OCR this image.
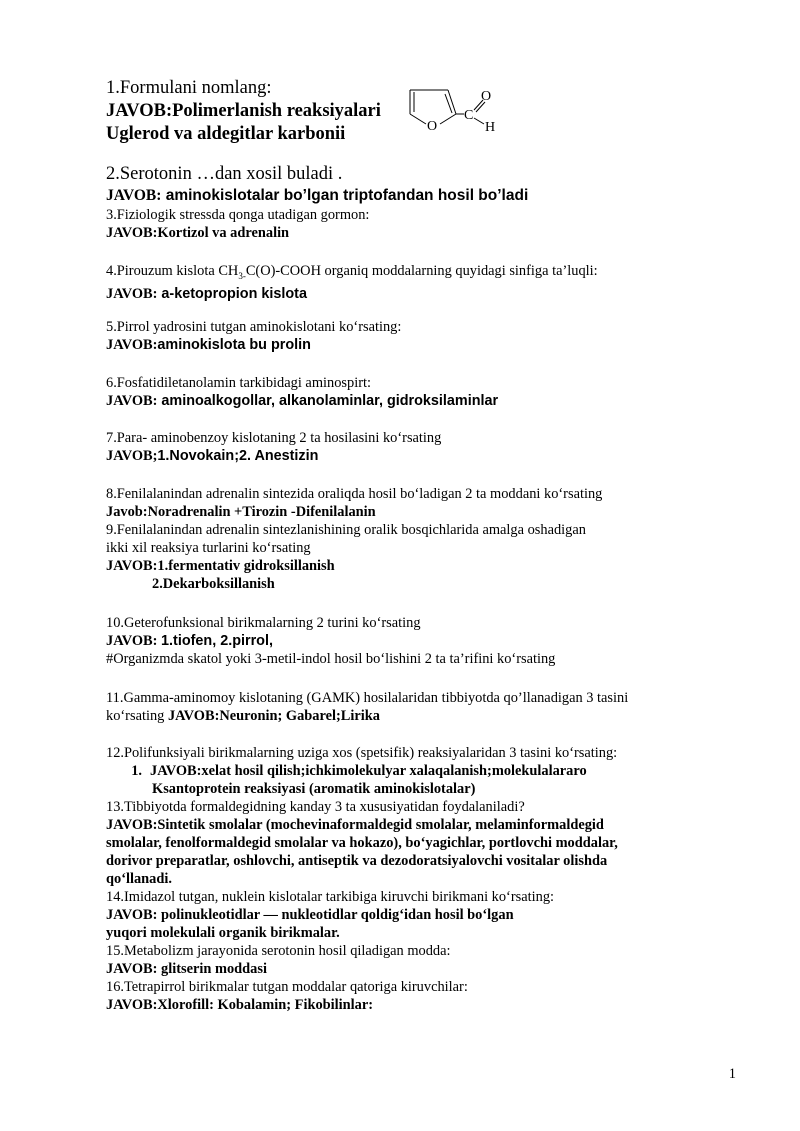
1.Formulani nomlang:
JAVOB:Polimerlanish reaksiyalari
Uglerod va aldegitlar karbonii	O
C
O
H
2.Serotonin …dan xosil buladi .
JAVOB: aminokislotalar bo’lgan triptofandan hosil bo’ladi
3.Fiziologik stressda qonga utadigan gormon:
JAVOB:Kortizol va adrenalin
4.Pirouzum kislota $CH_{3-}C(O)$-COOH organiq moddalarning quyidagi sinfiga ta’luqli:
JAVOB: a-ketopropion kislota
5.Pirrol yadrosini tutgan aminokislotani ko‘rsating:
JAVOB:aminokislota bu prolin
6.Fosfatidiletanolamin tarkibidagi aminospirt:
JAVOB: aminoalkogollar, alkanolaminlar, gidroksilaminlar
7.Para- aminobenzoy kislotaning 2 ta hosilasini ko‘rsating
JAVOB;1.Novokain;2. Anestizin
8.Fenilalanindan adrenalin sintezida oraliqda hosil bo‘ladigan 2 ta moddani ko‘rsating
Javob:Noradrenalin +Tirozin -Difenilalanin
9.Fenilalanindan adrenalin sintezlanishining oralik bosqichlarida amalga oshadigan
ikki xil reaksiya turlarini ko‘rsating
JAVOB:1.fermentativ gidroksillanish
2.Dekarboksillanish
10.Geterofunksional birikmalarning 2 turini ko‘rsating
JAVOB: 1.tiofen, 2.pirrol,
#Organizmda skatol yoki 3-metil-indol hosil bo‘lishini 2 ta ta’rifini ko‘rsating
11.Gamma-aminomoy kislotaning (GAMK) hosilalaridan tibbiyotda qo’llanadigan 3 tasini
ko‘rsating JAVOB:Neuronin; Gabarel;Lirika
12.Polifunksiyali birikmalarning uziga xos (spetsifik) reaksiyalaridan 3 tasini ko‘rsating:
1. JAVOB:xelat hosil qilish;ichkimolekulyar xalaqalanish;molekulalararo
Ksantoprotein reaksiyasi (aromatik aminokislotalar)
13.Tibbiyotda formaldegidning kanday 3 ta xususiyatidan foydalaniladi?
JAVOB:Sintetik smolalar (mochevinaformaldegid smolalar, melaminformaldegid
smolalar, fenolformaldegid smolalar va hokazo), bo‘yagichlar, portlovchi moddalar,
dorivor preparatlar, oshlovchi, antiseptik va dezodoratsiyalovchi vositalar olishda
qo‘llanadi.
14.Imidazol tutgan, nuklein kislotalar tarkibiga kiruvchi birikmani ko‘rsating:
JAVOB: polinukleotidlar — nukleotidlar qoldig‘idan hosil bo‘lgan
yuqori molekulali organik birikmalar.
15.Metabolizm jarayonida serotonin hosil qiladigan modda:
JAVOB: glitserin moddasi
16.Tetrapirrol birikmalar tutgan moddalar qatoriga kiruvchilar:
JAVOB:Xlorofill: Kobalamin; Fikobilinlar:
1
